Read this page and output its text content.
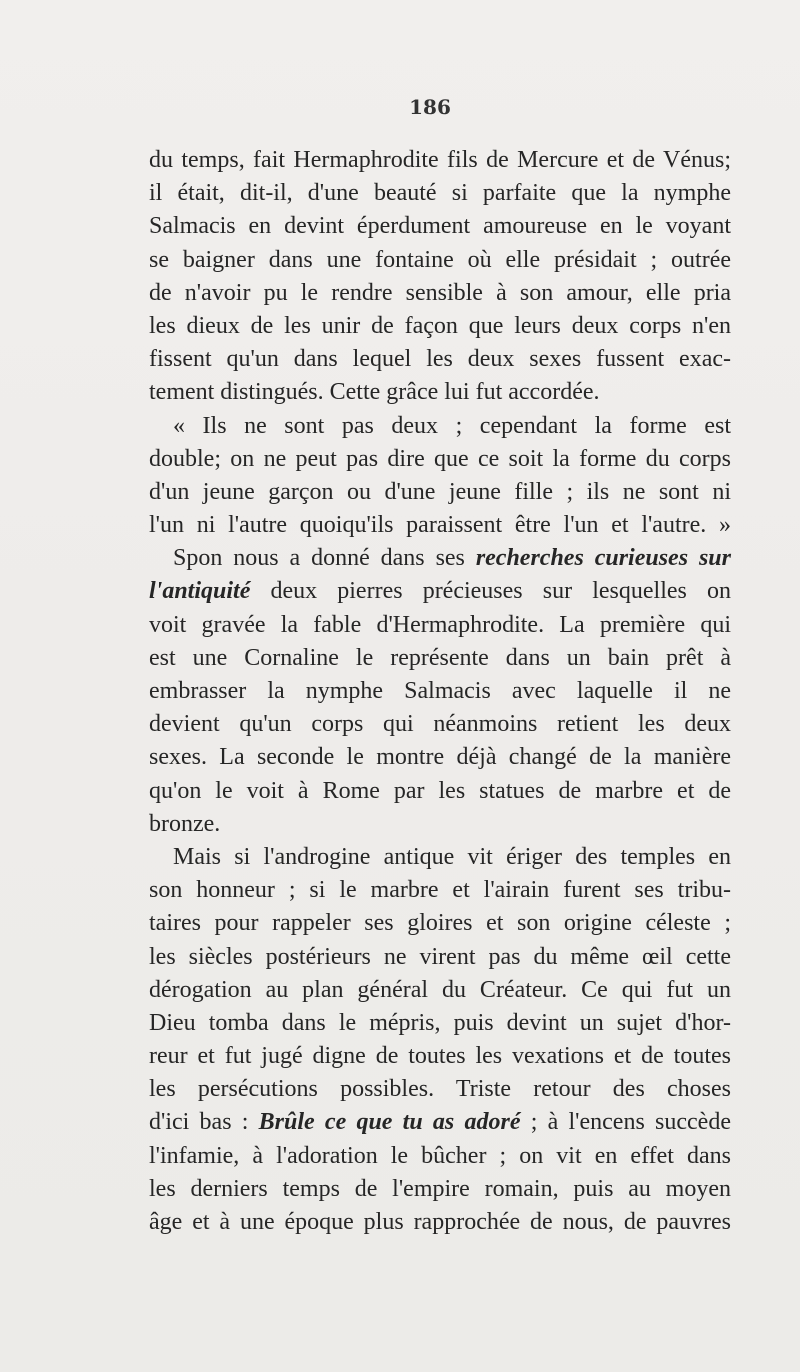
186
du temps, fait Hermaphrodite fils de Mercure et de Vénus;
il était, dit-il, d'une beauté si parfaite que la nymphe
Salmacis en devint éperdument amoureuse en le voyant
se baigner dans une fontaine où elle présidait ; outrée
de n'avoir pu le rendre sensible à son amour, elle pria
les dieux de les unir de façon que leurs deux corps n'en
fissent qu'un dans lequel les deux sexes fussent exac-
tement distingués. Cette grâce lui fut accordée.
« Ils ne sont pas deux ; cependant la forme est
double; on ne peut pas dire que ce soit la forme du corps
d'un jeune garçon ou d'une jeune fille ; ils ne sont ni
l'un ni l'autre quoiqu'ils paraissent être l'un et l'autre. »
Spon nous a donné dans ses recherches curieuses sur
l'antiquité deux pierres précieuses sur lesquelles on
voit gravée la fable d'Hermaphrodite. La première qui
est une Cornaline le représente dans un bain prêt à
embrasser la nymphe Salmacis avec laquelle il ne
devient qu'un corps qui néanmoins retient les deux
sexes. La seconde le montre déjà changé de la manière
qu'on le voit à Rome par les statues de marbre et de
bronze.
Mais si l'androgine antique vit ériger des temples en
son honneur ; si le marbre et l'airain furent ses tribu-
taires pour rappeler ses gloires et son origine céleste ;
les siècles postérieurs ne virent pas du même œil cette
dérogation au plan général du Créateur. Ce qui fut un
Dieu tomba dans le mépris, puis devint un sujet d'hor-
reur et fut jugé digne de toutes les vexations et de toutes
les persécutions possibles. Triste retour des choses
d'ici bas : Brûle ce que tu as adoré ; à l'encens succède
l'infamie, à l'adoration le bûcher ; on vit en effet dans
les derniers temps de l'empire romain, puis au moyen
âge et à une époque plus rapprochée de nous, de pauvres
